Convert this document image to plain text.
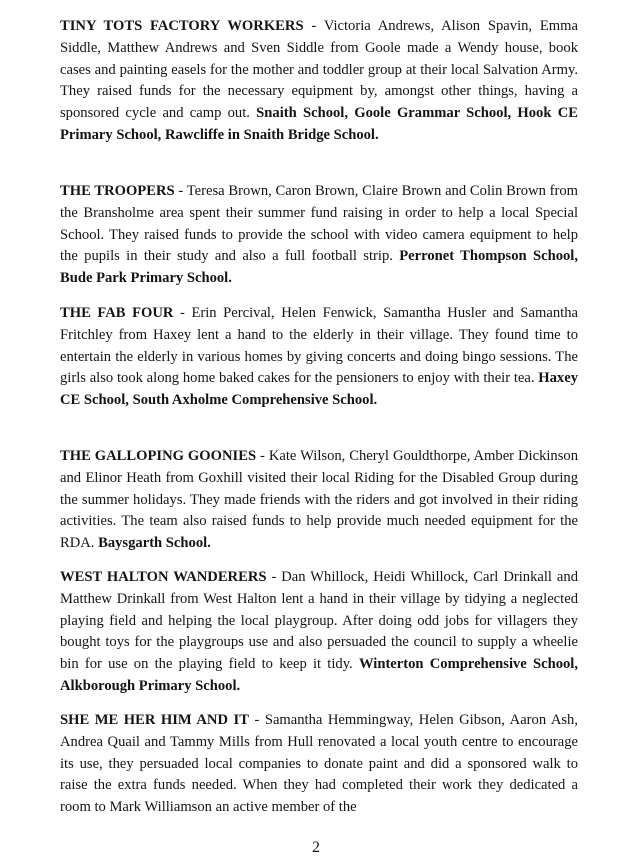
TINY TOTS FACTORY WORKERS - Victoria Andrews, Alison Spavin, Emma Siddle, Matthew Andrews and Sven Siddle from Goole made a Wendy house, book cases and painting easels for the mother and toddler group at their local Salvation Army. They raised funds for the necessary equipment by, amongst other things, having a sponsored cycle and camp out. Snaith School, Goole Grammar School, Hook CE Primary School, Rawcliffe in Snaith Bridge School.

THE TROOPERS - Teresa Brown, Caron Brown, Claire Brown and Colin Brown from the Bransholme area spent their summer fund raising in order to help a local Special School. They raised funds to provide the school with video camera equipment to help the pupils in their study and also a full football strip. Perronet Thompson School, Bude Park Primary School.

THE FAB FOUR - Erin Percival, Helen Fenwick, Samantha Husler and Samantha Fritchley from Haxey lent a hand to the elderly in their village. They found time to entertain the elderly in various homes by giving concerts and doing bingo sessions. The girls also took along home baked cakes for the pensioners to enjoy with their tea. Haxey CE School, South Axholme Comprehensive School.

THE GALLOPING GOONIES - Kate Wilson, Cheryl Gouldthorpe, Amber Dickinson and Elinor Heath from Goxhill visited their local Riding for the Disabled Group during the summer holidays. They made friends with the riders and got involved in their riding activities. The team also raised funds to help provide much needed equipment for the RDA. Baysgarth School.

WEST HALTON WANDERERS - Dan Whillock, Heidi Whillock, Carl Drinkall and Matthew Drinkall from West Halton lent a hand in their village by tidying a neglected playing field and helping the local playgroup. After doing odd jobs for villagers they bought toys for the playgroups use and also persuaded the council to supply a wheelie bin for use on the playing field to keep it tidy. Winterton Comprehensive School, Alkborough Primary School.

SHE ME HER HIM AND IT - Samantha Hemmingway, Helen Gibson, Aaron Ash, Andrea Quail and Tammy Mills from Hull renovated a local youth centre to encourage its use, they persuaded local companies to donate paint and did a sponsored walk to raise the extra funds needed. When they had completed their work they dedicated a room to Mark Williamson an active member of the

2
